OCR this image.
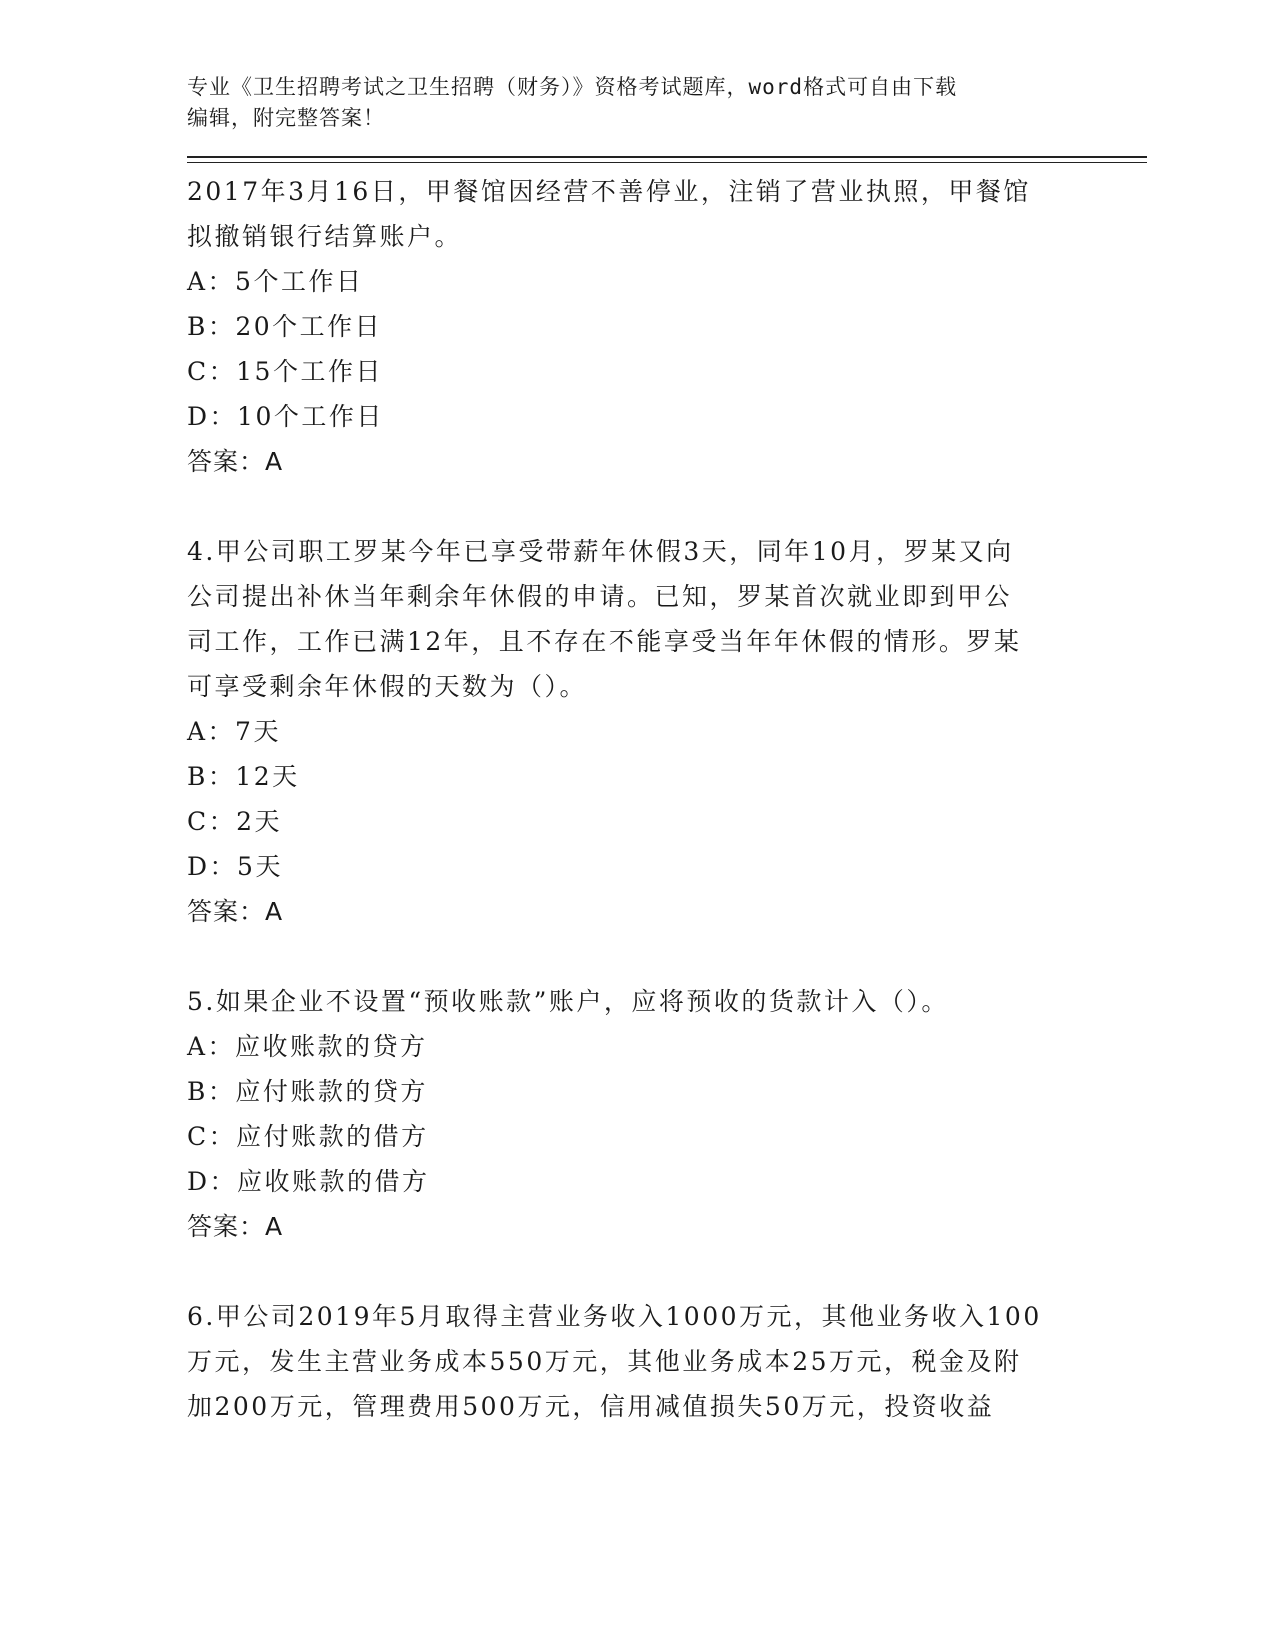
专业《卫生招聘考试之卫生招聘（财务）》资格考试题库，word格式可自由下载
编辑，附完整答案！
2017年3月16日，甲餐馆因经营不善停业，注销了营业执照，甲餐馆
拟撤销银行结算账户。
A：5个工作日
B：20个工作日
C：15个工作日
D：10个工作日
答案：A
4.甲公司职工罗某今年已享受带薪年休假3天，同年10月，罗某又向
公司提出补休当年剩余年休假的申请。已知，罗某首次就业即到甲公
司工作，工作已满12年，且不存在不能享受当年年休假的情形。罗某
可享受剩余年休假的天数为（）。
A：7天
B：12天
C：2天
D：5天
答案：A
5.如果企业不设置“预收账款”账户，应将预收的货款计入（）。
A：应收账款的贷方
B：应付账款的贷方
C：应付账款的借方
D：应收账款的借方
答案：A
6.甲公司2019年5月取得主营业务收入1000万元，其他业务收入100
万元，发生主营业务成本550万元，其他业务成本25万元，税金及附
加200万元，管理费用500万元，信用减值损失50万元，投资收益
